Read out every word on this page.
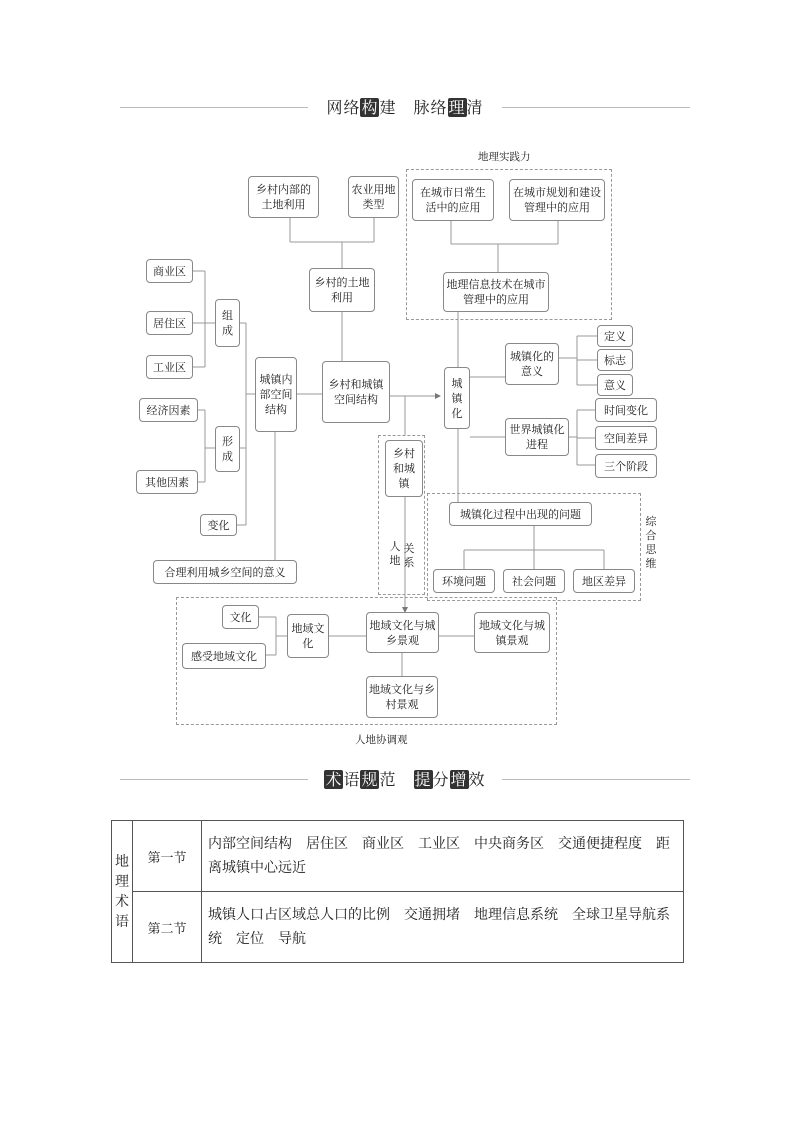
网络构建　脉络理清
地理实践力
综合思维
人地协调观
人地
关系
乡村内部的土地利用
农业用地类型
在城市日常生活中的应用
在城市规划和建设管理中的应用
商业区
居住区
工业区
组成
乡村的土地利用
地理信息技术在城市管理中的应用
城镇内部空间结构
乡村和城镇空间结构
城镇化
城镇化的意义
定义
标志
意义
经济因素
形成
其他因素
乡村和城镇
世界城镇化进程
时间变化
空间差异
三个阶段
变化
城镇化过程中出现的问题
合理利用城乡空间的意义
环境问题	社会问题	地区差异
文化
地域文化
地域文化与城乡景观
地域文化与城镇景观
感受地域文化
地域文化与乡村景观
术语规范　提分增效
地理术语	第一节	内部空间结构　居住区　商业区　工业区　中央商务区　交通便捷程度　距离城镇中心远近
	第二节	城镇人口占区域总人口的比例　交通拥堵　地理信息系统　全球卫星导航系统　定位　导航
